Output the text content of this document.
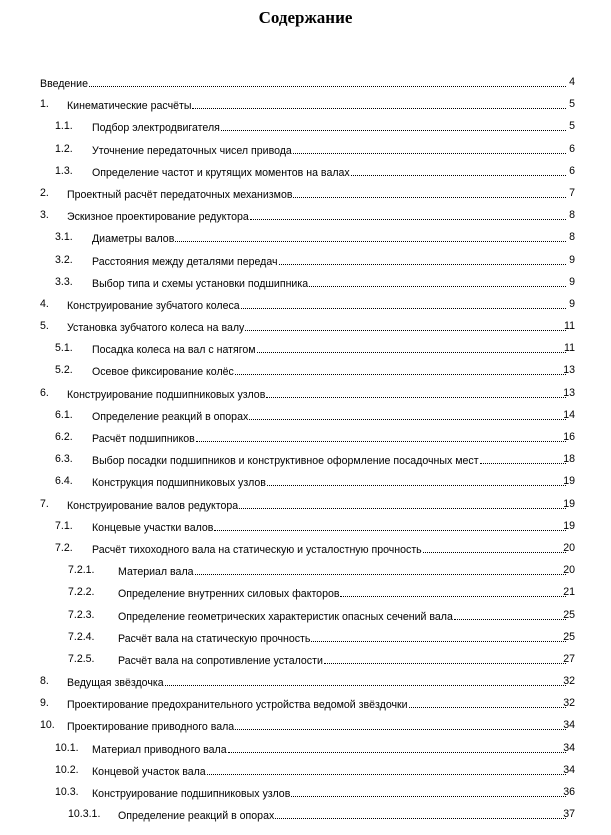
Содержание
Введение	4
1. Кинематические расчёты	5
1.1. Подбор электродвигателя	5
1.2. Уточнение передаточных чисел привода	6
1.3. Определение частот и крутящих моментов на валах	6
2. Проектный расчёт передаточных механизмов	7
3. Эскизное проектирование редуктора	8
3.1. Диаметры валов	8
3.2. Расстояния между деталями передач	9
3.3. Выбор типа и схемы установки подшипника	9
4. Конструирование зубчатого колеса	9
5. Установка зубчатого колеса на валу	11
5.1. Посадка колеса на вал с натягом	11
5.2. Осевое фиксирование колёс	13
6. Конструирование подшипниковых узлов	13
6.1. Определение реакций в опорах	14
6.2. Расчёт подшипников	16
6.3. Выбор посадки подшипников и конструктивное оформление посадочных мест	18
6.4. Конструкция подшипниковых узлов	19
7. Конструирование валов редуктора	19
7.1. Концевые участки валов	19
7.2. Расчёт тихоходного вала на статическую и усталостную прочность	20
7.2.1. Материал вала	20
7.2.2. Определение внутренних силовых факторов	21
7.2.3. Определение геометрических характеристик опасных сечений вала	25
7.2.4. Расчёт вала на статическую прочность	25
7.2.5. Расчёт вала на сопротивление усталости	27
8. Ведущая звёздочка	32
9. Проектирование предохранительного устройства ведомой звёздочки	32
10. Проектирование приводного вала	34
10.1. Материал приводного вала	34
10.2. Концевой участок вала	34
10.3. Конструирование подшипниковых узлов	36
10.3.1. Определение реакций в опорах	37
